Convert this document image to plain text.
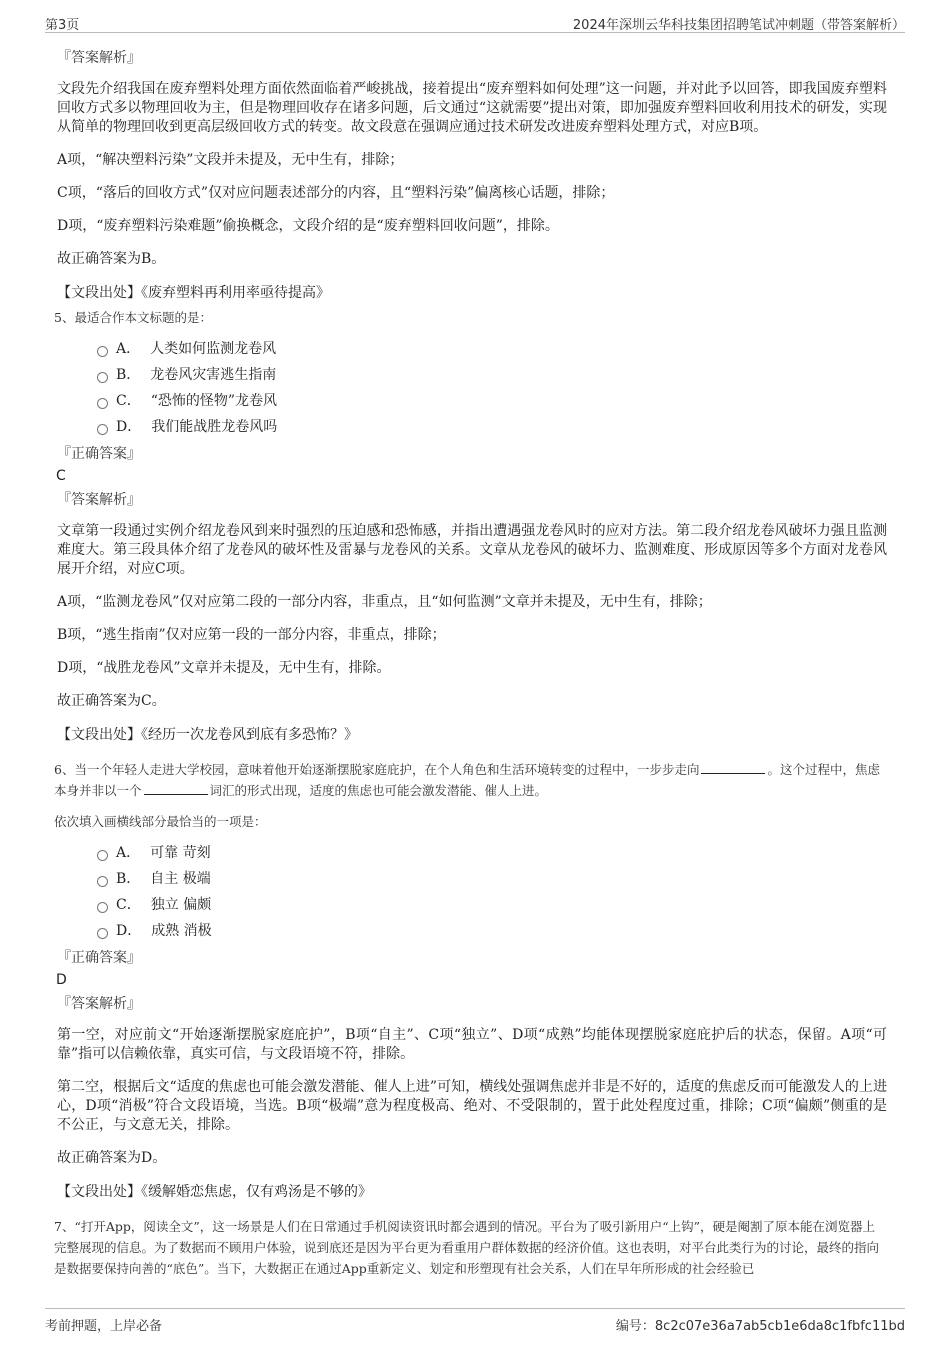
第3页	2024年深圳云华科技集团招聘笔试冲刺题（带答案解析）

『答案解析』

文段先介绍我国在废弃塑料处理方面依然面临着严峻挑战，接着提出“废弃塑料如何处理”这一问题，并对此予以回答，即我国废弃塑料回收方式多以物理回收为主，但是物理回收存在诸多问题，后文通过“这就需要”提出对策，即加强废弃塑料回收利用技术的研发，实现从简单的物理回收到更高层级回收方式的转变。故文段意在强调应通过技术研发改进废弃塑料处理方式，对应B项。

A项，“解决塑料污染”文段并未提及，无中生有，排除；

C项，“落后的回收方式”仅对应问题表述部分的内容，且“塑料污染”偏离核心话题，排除；

D项，“废弃塑料污染难题”偷换概念，文段介绍的是“废弃塑料回收问题”，排除。

故正确答案为B。

【文段出处】《废弃塑料再利用率亟待提高》

5、最适合作本文标题的是：

A． 人类如何监测龙卷风
B． 龙卷风灾害逃生指南
C． “恐怖的怪物”龙卷风
D． 我们能战胜龙卷风吗

『正确答案』

C

『答案解析』

文章第一段通过实例介绍龙卷风到来时强烈的压迫感和恐怖感，并指出遭遇强龙卷风时的应对方法。第二段介绍龙卷风破坏力强且监测难度大。第三段具体介绍了龙卷风的破坏性及雷暴与龙卷风的关系。文章从龙卷风的破坏力、监测难度、形成原因等多个方面对龙卷风展开介绍，对应C项。

A项，“监测龙卷风”仅对应第二段的一部分内容，非重点，且“如何监测”文章并未提及，无中生有，排除；

B项，“逃生指南”仅对应第一段的一部分内容，非重点，排除；

D项，“战胜龙卷风”文章并未提及，无中生有，排除。

故正确答案为C。

【文段出处】《经历一次龙卷风到底有多恐怖？》

6、当一个年轻人走进大学校园，意味着他开始逐渐摆脱家庭庇护，在个人角色和生活环境转变的过程中，一步步走向	。这个过程中，焦虑本身并非以一个	词汇的形式出现，适度的焦虑也可能会激发潜能、催人上进。

依次填入画横线部分最恰当的一项是：

A． 可靠 苛刻
B． 自主 极端
C． 独立 偏颇
D． 成熟 消极

『正确答案』

D

『答案解析』

第一空，对应前文“开始逐渐摆脱家庭庇护”，B项“自主”、C项“独立”、D项“成熟”均能体现摆脱家庭庇护后的状态，保留。A项“可靠”指可以信赖依靠，真实可信，与文段语境不符，排除。

第二空，根据后文“适度的焦虑也可能会激发潜能、催人上进”可知，横线处强调焦虑并非是不好的，适度的焦虑反而可能激发人的上进心，D项“消极”符合文段语境，当选。B项“极端”意为程度极高、绝对、不受限制的，置于此处程度过重，排除；C项“偏颇”侧重的是不公正，与文意无关，排除。

故正确答案为D。

【文段出处】《缓解婚恋焦虑，仅有鸡汤是不够的》

7、“打开App，阅读全文”，这一场景是人们在日常通过手机阅读资讯时都会遇到的情况。平台为了吸引新用户“上钩”，硬是阉割了原本能在浏览器上完整展现的信息。为了数据而不顾用户体验，说到底还是因为平台更为看重用户群体数据的经济价值。这也表明，对平台此类行为的讨论，最终的指向是数据要保持向善的“底色”。当下，大数据正在通过App重新定义、划定和形塑现有社会关系，人们在早年所形成的社会经验已

考前押题，上岸必备	编号：8c2c07e36a7ab5cb1e6da8c1fbfc11bd
